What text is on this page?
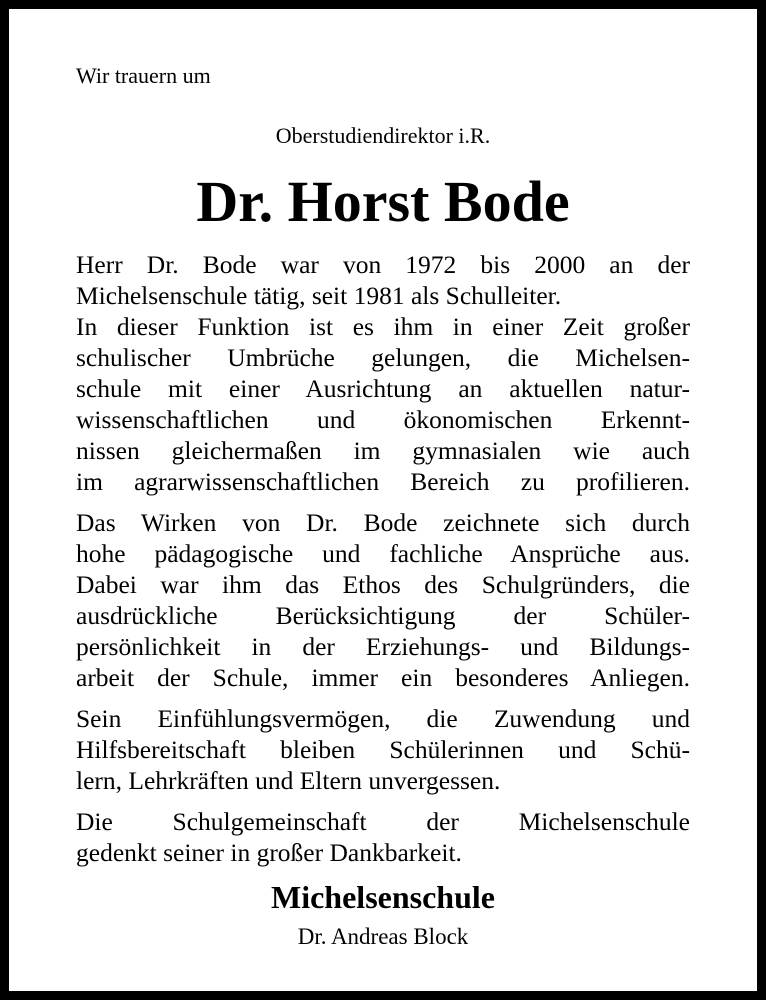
Wir trauern um
Oberstudiendirektor i.R.
Dr. Horst Bode

Herr Dr. Bode war von 1972 bis 2000 an der
Michelsenschule tätig, seit 1981 als Schulleiter.
In dieser Funktion ist es ihm in einer Zeit großer
schulischer Umbrüche gelungen, die Michelsen-
schule mit einer Ausrichtung an aktuellen natur-
wissenschaftlichen und ökonomischen Erkennt-
nissen gleichermaßen im gymnasialen wie auch
im agrarwissenschaftlichen Bereich zu profilieren.

Das Wirken von Dr. Bode zeichnete sich durch
hohe pädagogische und fachliche Ansprüche aus.
Dabei war ihm das Ethos des Schulgründers, die
ausdrückliche Berücksichtigung der Schüler-
persönlichkeit in der Erziehungs- und Bildungs-
arbeit der Schule, immer ein besonderes Anliegen.

Sein Einfühlungsvermögen, die Zuwendung und
Hilfsbereitschaft bleiben Schülerinnen und Schü-
lern, Lehrkräften und Eltern unvergessen.

Die Schulgemeinschaft der Michelsenschule
gedenkt seiner in großer Dankbarkeit.

Michelsenschule
Dr. Andreas Block
